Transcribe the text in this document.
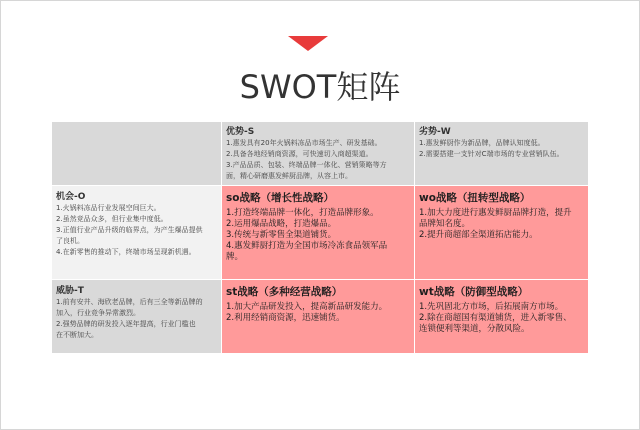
SWOT矩阵
优势-S
1.惠发具有20年火锅料冻品市场生产、研发基础。
2.具备各地经销商资源，可快速切入商超渠道。
3.产品品质、包装、终端品牌一体化、营销策略等方
面，精心研磨惠发鲜厨品牌，从容上市。
劣势-W
1.惠发鲜厨作为新品牌，品牌认知度低。
2.需要搭建一支针对C端市场的专业营销队伍。
机会-O
1.火锅料冻品行业发展空间巨大。
2.虽然竞品众多，但行业集中度低。
3.正值行业产品升级的临界点，为产生爆品提供
了良机。
4.在新零售的推动下，终端市场呈现新机遇。
so战略（增长性战略）
1.打造终端品牌一体化，打造品牌形象。
2.运用爆品战略，打造爆品。
3.传统与新零售全渠道铺货。
4.惠发鲜厨打造为全国市场冷冻食品领军品
牌。
wo战略（扭转型战略）
1.加大力度进行惠发鲜厨品牌打造，提升
品牌知名度。
2.提升商超部全渠道拓店能力。
威胁-T
1.前有安井、海欣老品牌，后有三全等新品牌的
加入，行业竞争异常激烈。
2.强势品牌的研发投入逐年提高，行业门槛也
在不断加大。
st战略（多种经营战略）
1.加大产品研发投入，提高新品研发能力。
2.利用经销商资源，迅速铺货。
wt战略（防御型战略）
1.先巩固北方市场，后拓展南方市场。
2.除在商超国有渠道铺货，进入新零售、
连锁便利等渠道，分散风险。
